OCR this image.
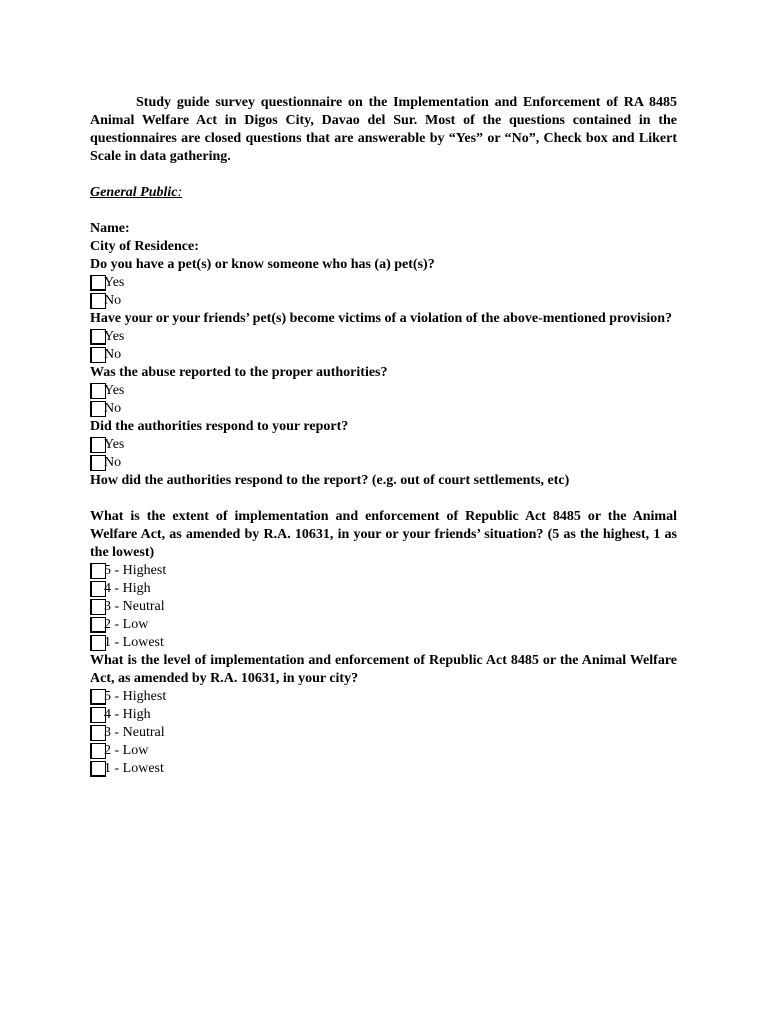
Study guide survey questionnaire on the Implementation and Enforcement of RA 8485 Animal Welfare Act in Digos City, Davao del Sur. Most of the questions contained in the questionnaires are closed questions that are answerable by “Yes” or “No”, Check box and Likert Scale in data gathering.

General Public:
Name:
City of Residence:

Do you have a pet(s) or know someone who has (a) pet(s)?

Yes
No

Have your or your friends’ pet(s) become victims of a violation of the above-mentioned provision?

Yes
No

Was the abuse reported to the proper authorities?

Yes
No

Did the authorities respond to your report?

Yes
No

How did the authorities respond to the report? (e.g. out of court settlements, etc)

What is the extent of implementation and enforcement of Republic Act 8485 or the Animal Welfare Act, as amended by R.A. 10631, in your or your friends’ situation? (5 as the highest, 1 as the lowest)

5 - Highest
4 - High
3 - Neutral
2 - Low
1 - Lowest

What is the level of implementation and enforcement of Republic Act 8485 or the Animal Welfare Act, as amended by R.A. 10631, in your city?

5 - Highest
4 - High
3 - Neutral
2 - Low
1 - Lowest
